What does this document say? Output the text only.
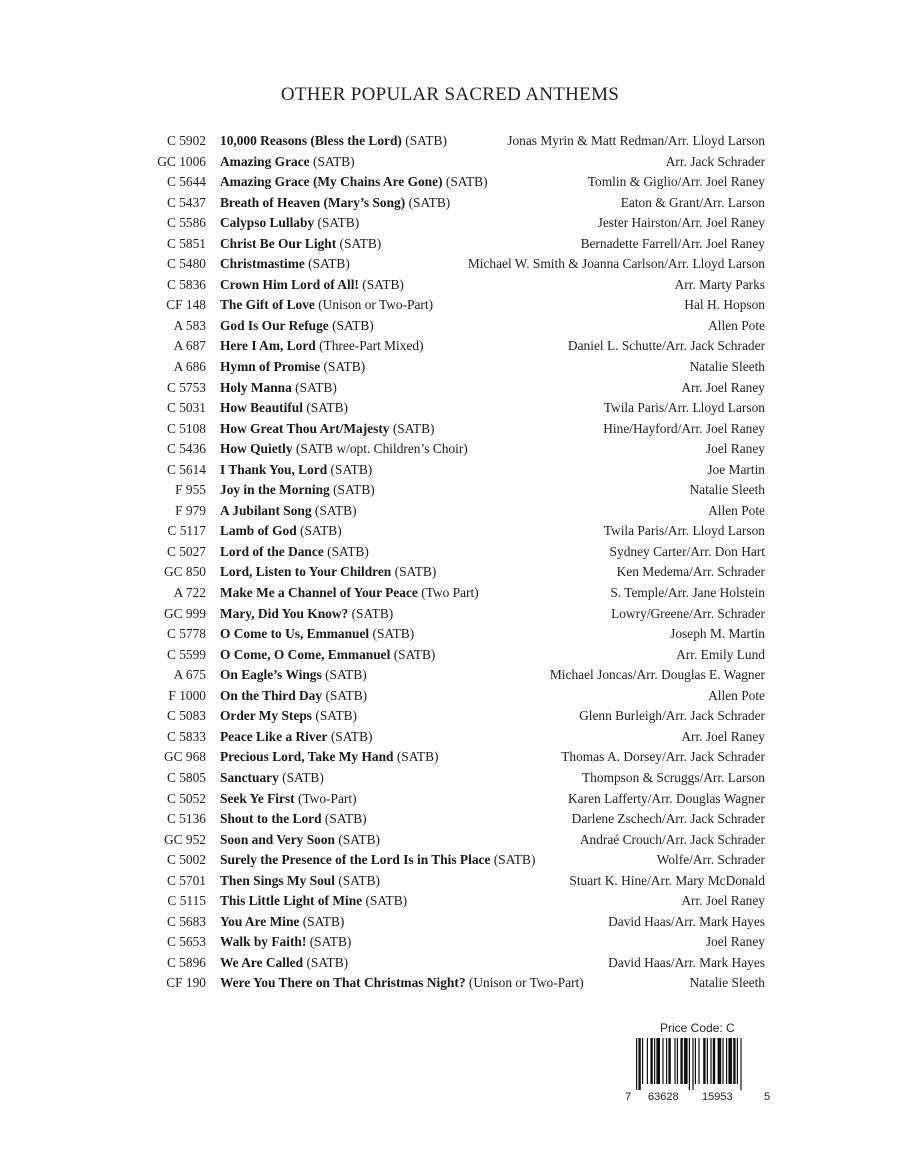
OTHER POPULAR SACRED ANTHEMS
C 5902 10,000 Reasons (Bless the Lord) (SATB)	Jonas Myrin & Matt Redman/Arr. Lloyd Larson
GC 1006 Amazing Grace (SATB)	Arr. Jack Schrader
C 5644 Amazing Grace (My Chains Are Gone) (SATB)	Tomlin & Giglio/Arr. Joel Raney
C 5437 Breath of Heaven (Mary’s Song) (SATB)	Eaton & Grant/Arr. Larson
C 5586 Calypso Lullaby (SATB)	Jester Hairston/Arr. Joel Raney
C 5851 Christ Be Our Light (SATB)	Bernadette Farrell/Arr. Joel Raney
C 5480 Christmastime (SATB)	Michael W. Smith & Joanna Carlson/Arr. Lloyd Larson
C 5836 Crown Him Lord of All! (SATB)	Arr. Marty Parks
CF 148 The Gift of Love (Unison or Two-Part)	Hal H. Hopson
A 583 God Is Our Refuge (SATB)	Allen Pote
A 687 Here I Am, Lord (Three-Part Mixed)	Daniel L. Schutte/Arr. Jack Schrader
A 686 Hymn of Promise (SATB)	Natalie Sleeth
C 5753 Holy Manna (SATB)	Arr. Joel Raney
C 5031 How Beautiful (SATB)	Twila Paris/Arr. Lloyd Larson
C 5108 How Great Thou Art/Majesty (SATB)	Hine/Hayford/Arr. Joel Raney
C 5436 How Quietly (SATB w/opt. Children’s Choir)	Joel Raney
C 5614 I Thank You, Lord (SATB)	Joe Martin
F 955 Joy in the Morning (SATB)	Natalie Sleeth
F 979 A Jubilant Song (SATB)	Allen Pote
C 5117 Lamb of God (SATB)	Twila Paris/Arr. Lloyd Larson
C 5027 Lord of the Dance (SATB)	Sydney Carter/Arr. Don Hart
GC 850 Lord, Listen to Your Children (SATB)	Ken Medema/Arr. Schrader
A 722 Make Me a Channel of Your Peace (Two Part)	S. Temple/Arr. Jane Holstein
GC 999 Mary, Did You Know? (SATB)	Lowry/Greene/Arr. Schrader
C 5778 O Come to Us, Emmanuel (SATB)	Joseph M. Martin
C 5599 O Come, O Come, Emmanuel (SATB)	Arr. Emily Lund
A 675 On Eagle’s Wings (SATB)	Michael Joncas/Arr. Douglas E. Wagner
F 1000 On the Third Day (SATB)	Allen Pote
C 5083 Order My Steps (SATB)	Glenn Burleigh/Arr. Jack Schrader
C 5833 Peace Like a River (SATB)	Arr. Joel Raney
GC 968 Precious Lord, Take My Hand (SATB)	Thomas A. Dorsey/Arr. Jack Schrader
C 5805 Sanctuary (SATB)	Thompson & Scruggs/Arr. Larson
C 5052 Seek Ye First (Two-Part)	Karen Lafferty/Arr. Douglas Wagner
C 5136 Shout to the Lord (SATB)	Darlene Zschech/Arr. Jack Schrader
GC 952 Soon and Very Soon (SATB)	Andraé Crouch/Arr. Jack Schrader
C 5002 Surely the Presence of the Lord Is in This Place (SATB)	Wolfe/Arr. Schrader
C 5701 Then Sings My Soul (SATB)	Stuart K. Hine/Arr. Mary McDonald
C 5115 This Little Light of Mine (SATB)	Arr. Joel Raney
C 5683 You Are Mine (SATB)	David Haas/Arr. Mark Hayes
C 5653 Walk by Faith! (SATB)	Joel Raney
C 5896 We Are Called (SATB)	David Haas/Arr. Mark Hayes
CF 190 Were You There on That Christmas Night? (Unison or Two-Part)	Natalie Sleeth
Price Code: C
7 63628 15953	5
